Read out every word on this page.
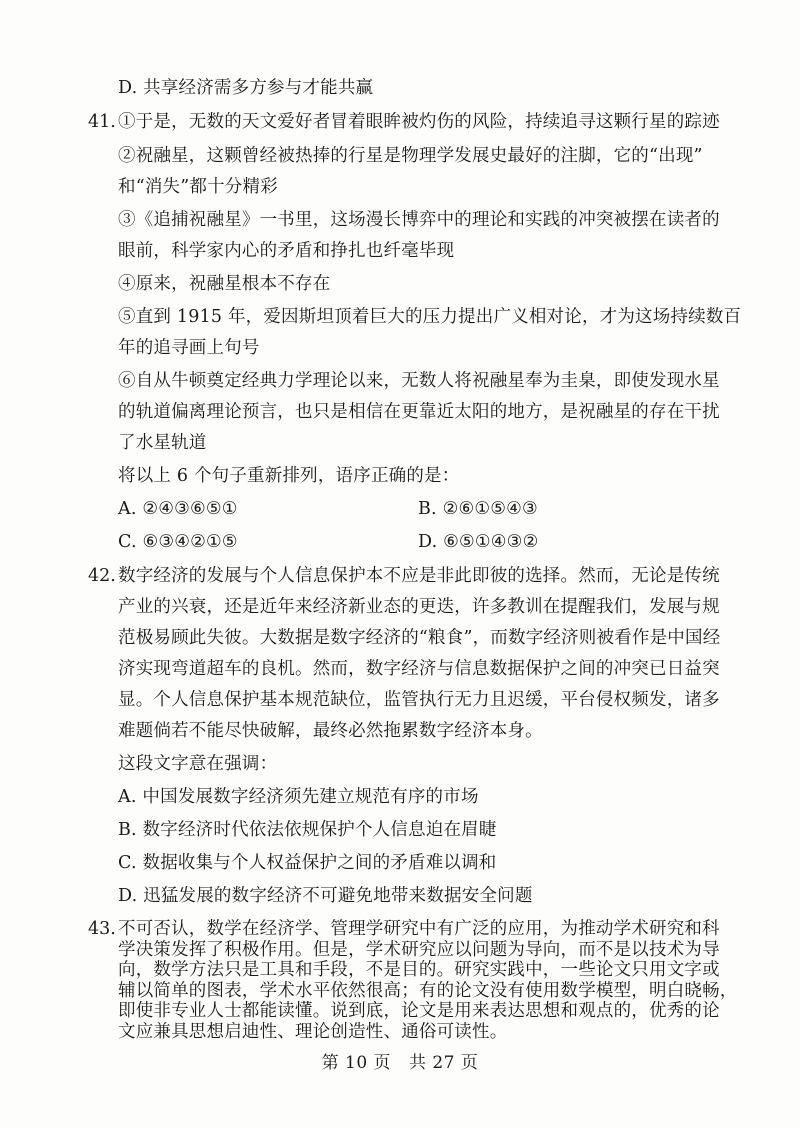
D. 共享经济需多方参与才能共赢
41. ①于是，无数的天文爱好者冒着眼眸被灼伤的风险，持续追寻这颗行星的踪迹
②祝融星，这颗曾经被热捧的行星是物理学发展史最好的注脚，它的“出现”
和“消失”都十分精彩
③《追捕祝融星》一书里，这场漫长博弈中的理论和实践的冲突被摆在读者的
眼前，科学家内心的矛盾和挣扎也纤毫毕现
④原来，祝融星根本不存在
⑤直到 1915 年，爱因斯坦顶着巨大的压力提出广义相对论，才为这场持续数百
年的追寻画上句号
⑥自从牛顿奠定经典力学理论以来，无数人将祝融星奉为圭臬，即使发现水星
的轨道偏离理论预言，也只是相信在更靠近太阳的地方，是祝融星的存在干扰
了水星轨道
将以上 6 个句子重新排列，语序正确的是：
A. ②④③⑥⑤①	B. ②⑥①⑤④③
C. ⑥③④②①⑤	D. ⑥⑤①④③②
42. 数字经济的发展与个人信息保护本不应是非此即彼的选择。然而，无论是传统
产业的兴衰，还是近年来经济新业态的更迭，许多教训在提醒我们，发展与规
范极易顾此失彼。大数据是数字经济的“粮食”，而数字经济则被看作是中国经
济实现弯道超车的良机。然而，数字经济与信息数据保护之间的冲突已日益突
显。个人信息保护基本规范缺位，监管执行无力且迟缓，平台侵权频发，诸多
难题倘若不能尽快破解，最终必然拖累数字经济本身。
这段文字意在强调：
A. 中国发展数字经济须先建立规范有序的市场
B. 数字经济时代依法依规保护个人信息迫在眉睫
C. 数据收集与个人权益保护之间的矛盾难以调和
D. 迅猛发展的数字经济不可避免地带来数据安全问题
43. 不可否认，数学在经济学、管理学研究中有广泛的应用，为推动学术研究和科
学决策发挥了积极作用。但是，学术研究应以问题为导向，而不是以技术为导
向，数学方法只是工具和手段，不是目的。研究实践中，一些论文只用文字或
辅以简单的图表，学术水平依然很高；有的论文没有使用数学模型，明白晓畅，
第 10 页 共 27 页
即使非专业人士都能读懂。说到底，论文是用来表达思想和观点的，优秀的论
文应兼具思想启迪性、理论创造性、通俗可读性。
